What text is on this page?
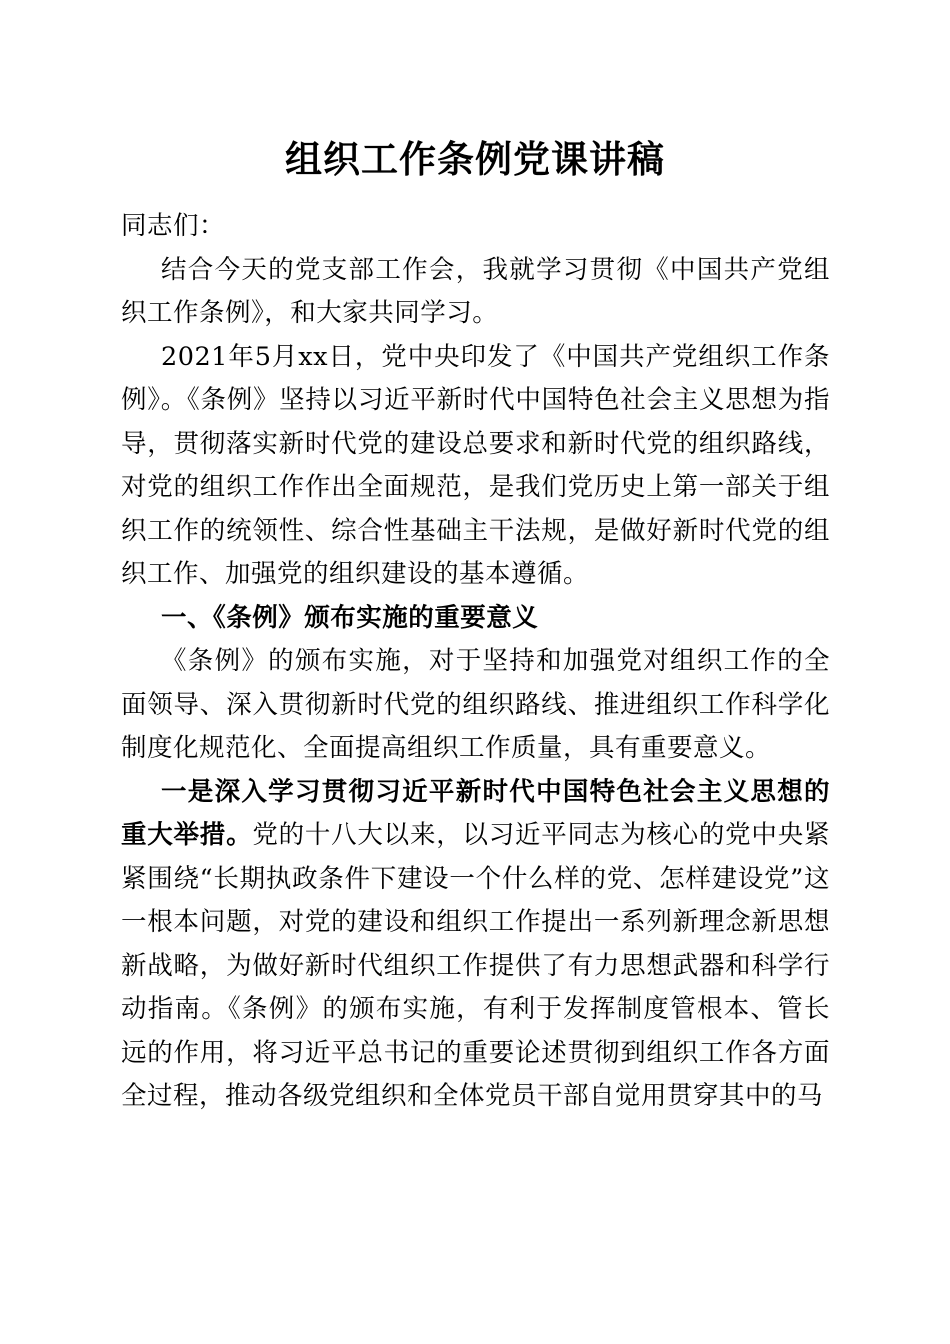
组织工作条例党课讲稿

同志们：

结合今天的党支部工作会，我就学习贯彻《中国共产党组织工作条例》，和大家共同学习。

2021年5月xx日，党中央印发了《中国共产党组织工作条例》。《条例》坚持以习近平新时代中国特色社会主义思想为指导，贯彻落实新时代党的建设总要求和新时代党的组织路线，对党的组织工作作出全面规范，是我们党历史上第一部关于组织工作的统领性、综合性基础主干法规，是做好新时代党的组织工作、加强党的组织建设的基本遵循。

一、《条例》颁布实施的重要意义

《条例》的颁布实施，对于坚持和加强党对组织工作的全面领导、深入贯彻新时代党的组织路线、推进组织工作科学化制度化规范化、全面提高组织工作质量，具有重要意义。

一是深入学习贯彻习近平新时代中国特色社会主义思想的重大举措。党的十八大以来，以习近平同志为核心的党中央紧紧围绕“长期执政条件下建设一个什么样的党、怎样建设党”这一根本问题，对党的建设和组织工作提出一系列新理念新思想新战略，为做好新时代组织工作提供了有力思想武器和科学行动指南。《条例》的颁布实施，有利于发挥制度管根本、管长远的作用，将习近平总书记的重要论述贯彻到组织工作各方面全过程，推动各级党组织和全体党员干部自觉用贯穿其中的马
